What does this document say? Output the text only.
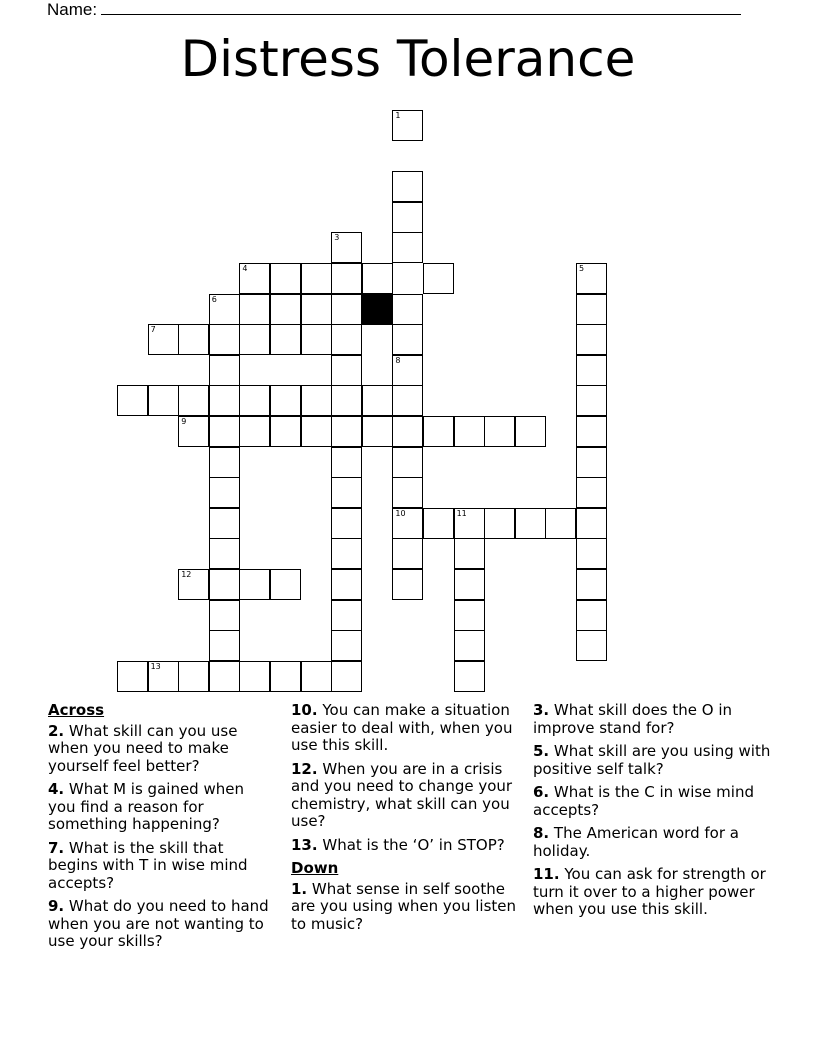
Name:
Distress Tolerance
1
8
10
3
4	5
6
7
9
11
12
13
Across
2. What skill can you use when you need to make yourself feel better?
4. What M is gained when you find a reason for something happening?
7. What is the skill that begins with T in wise mind accepts?
9. What do you need to hand when you are not wanting to use your skills?
10. You can make a situation easier to deal with, when you use this skill.
12. When you are in a crisis and you need to change your chemistry, what skill can you use?
13. What is the ‘O’ in STOP?
Down
1. What sense in self soothe are you using when you listen to music?
3. What skill does the O in improve stand for?
5. What skill are you using with positive self talk?
6. What is the C in wise mind accepts?
8. The American word for a holiday.
11. You can ask for strength or turn it over to a higher power when you use this skill.
